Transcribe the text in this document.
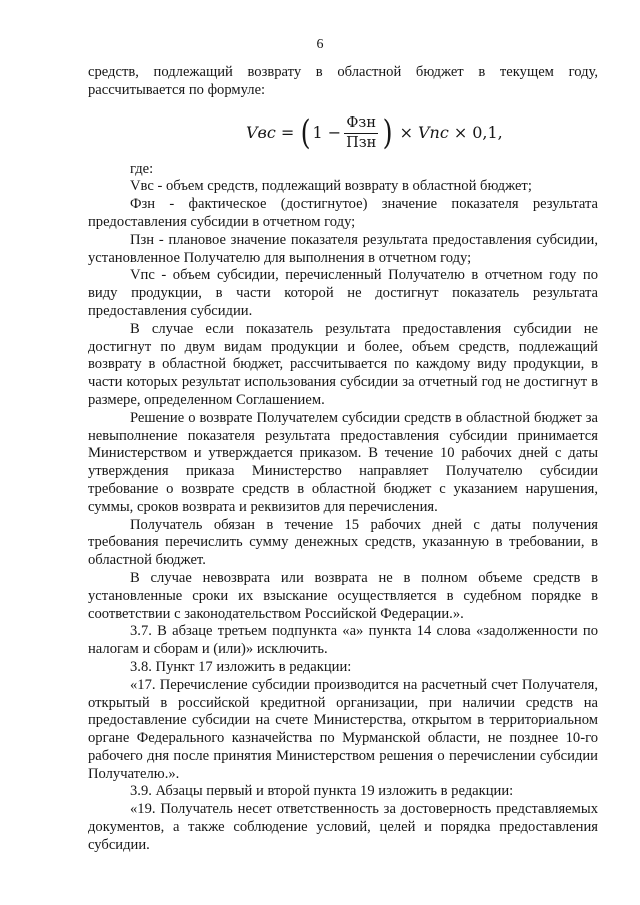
6

средств, подлежащий возврату в областной бюджет в текущем году, рассчитывается по формуле:

Vвс = ( $1 - \frac{\text{Фзн}}{\text{Пзн}}$ ) × Vпс × 0,1,

где:

Vвс - объем средств, подлежащий возврату в областной бюджет;

Фзн - фактическое (достигнутое) значение показателя результата предоставления субсидии в отчетном году;

Пзн - плановое значение показателя результата предоставления субсидии, установленное Получателю для выполнения в отчетном году;

Vпс - объем субсидии, перечисленный Получателю в отчетном году по виду продукции, в части которой не достигнут показатель результата предоставления субсидии.

В случае если показатель результата предоставления субсидии не достигнут по двум видам продукции и более, объем средств, подлежащий возврату в областной бюджет, рассчитывается по каждому виду продукции, в части которых результат использования субсидии за отчетный год не достигнут в размере, определенном Соглашением.

Решение о возврате Получателем субсидии средств в областной бюджет за невыполнение показателя результата предоставления субсидии принимается Министерством и утверждается приказом. В течение 10 рабочих дней с даты утверждения приказа Министерство направляет Получателю субсидии требование о возврате средств в областной бюджет с указанием нарушения, суммы, сроков возврата и реквизитов для перечисления.

Получатель обязан в течение 15 рабочих дней с даты получения требования перечислить сумму денежных средств, указанную в требовании, в областной бюджет.

В случае невозврата или возврата не в полном объеме средств в установленные сроки их взыскание осуществляется в судебном порядке в соответствии с законодательством Российской Федерации.».

3.7. В абзаце третьем подпункта «а» пункта 14 слова «задолженности по налогам и сборам и (или)» исключить.

3.8. Пункт 17 изложить в редакции:

«17. Перечисление субсидии производится на расчетный счет Получателя, открытый в российской кредитной организации, при наличии средств на предоставление субсидии на счете Министерства, открытом в территориальном органе Федерального казначейства по Мурманской области, не позднее 10-го рабочего дня после принятия Министерством решения о перечислении субсидии Получателю.».

3.9. Абзацы первый и второй пункта 19 изложить в редакции:

«19. Получатель несет ответственность за достоверность представляемых документов, а также соблюдение условий, целей и порядка предоставления субсидии.
